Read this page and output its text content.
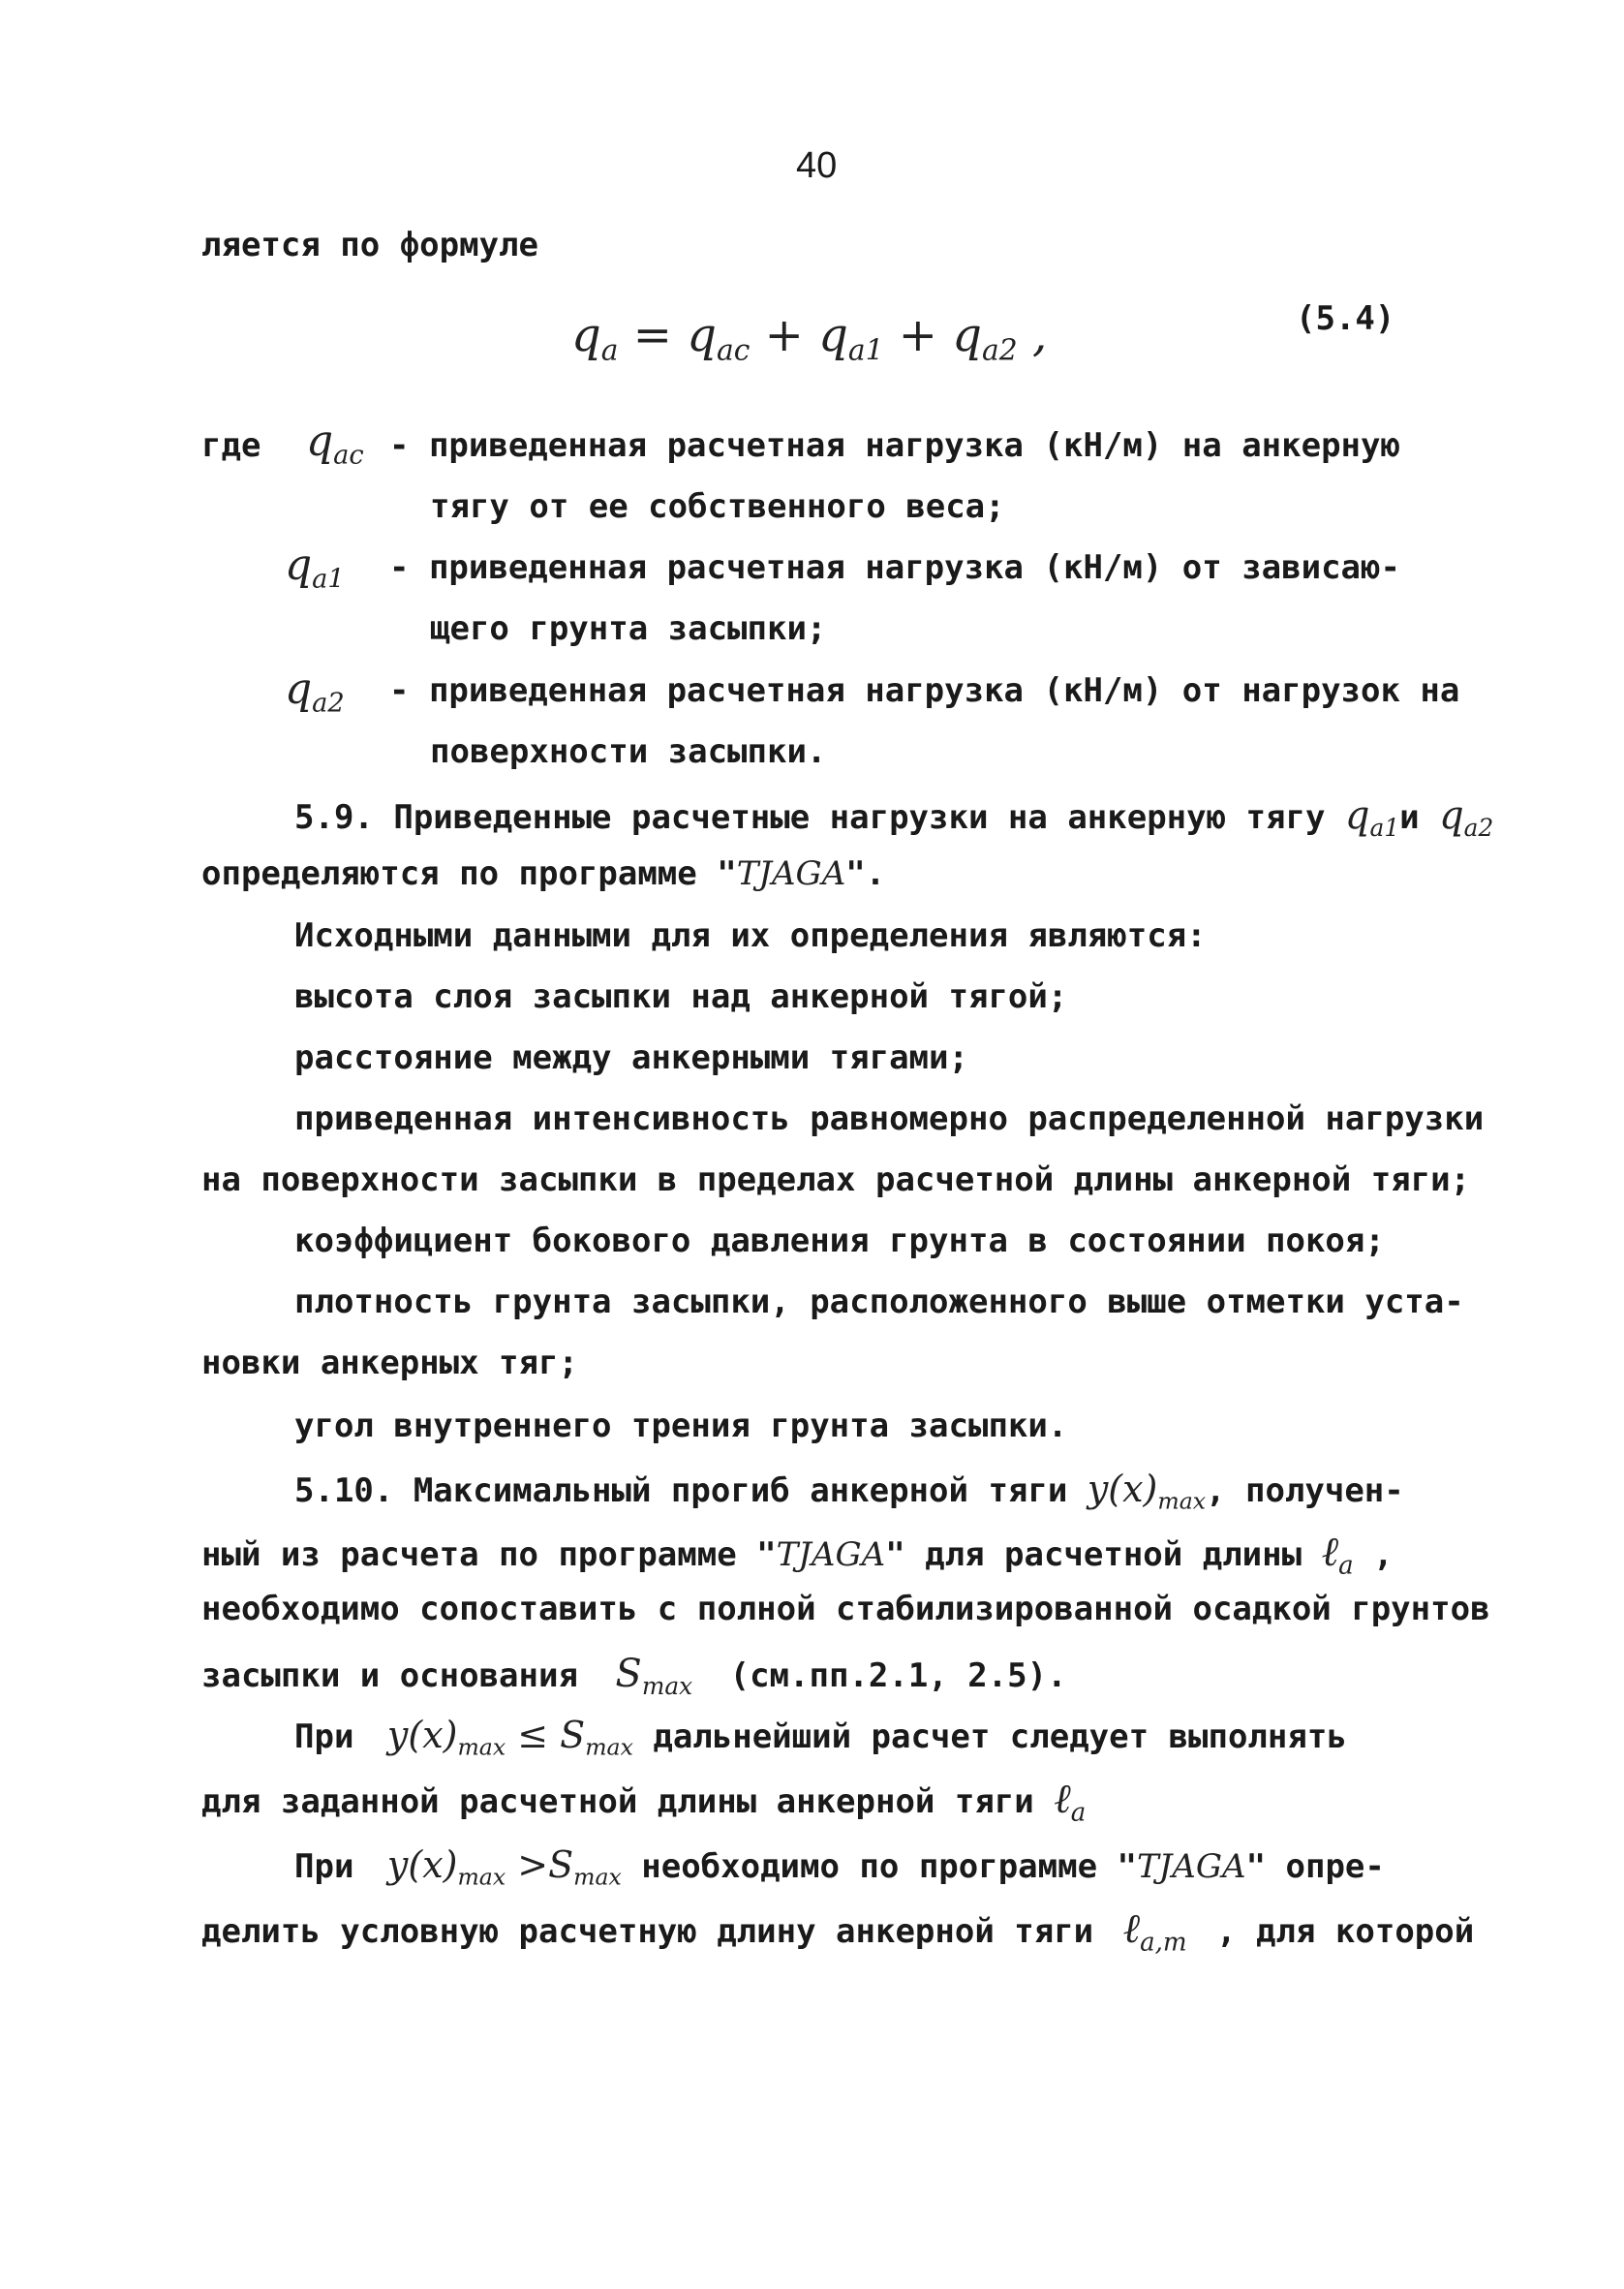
40
ляется по формуле
$q_a = q_{ac} + q_{a1} + q_{a2}$ ,	(5.4)
где $q_{ac}$ - приведенная расчетная нагрузка (кН/м) на анкерную
тягу от ее собственного веса;
$q_{a1}$ - приведенная расчетная нагрузка (кН/м) от зависаю-
щего грунта засыпки;
$q_{a2}$ - приведенная расчетная нагрузка (кН/м) от нагрузок на
поверхности засыпки.
5.9. Приведенные расчетные нагрузки на анкерную тягу $q_{a1}и$ $q_{a2}$
определяются по программе "TJAGA".
Исходными данными для их определения являются:
высота слоя засыпки над анкерной тягой;
расстояние между анкерными тягами;
приведенная интенсивность равномерно распределенной нагрузки
на поверхности засыпки в пределах расчетной длины анкерной тяги;
коэффициент бокового давления грунта в состоянии покоя;
плотность грунта засыпки, расположенного выше отметки уста-
новки анкерных тяг;
угол внутреннего трения грунта засыпки.
5.10. Максимальный прогиб анкерной тяги $y(x)_{max}$, получен-
ный из расчета по программе "TJAGA" для расчетной длины ℓ$_a$ ,
необходимо сопоставить с полной стабилизированной осадкой грунтов
засыпки и основания $S_{max}$ (см.пп.2.1, 2.5).
При $y(x)_{max} \le S_{max}$ дальнейший расчет следует выполнять
для заданной расчетной длины анкерной тяги ℓ$_a$
При $y(x)_{max} >S_{max}$ необходимо по программе "TJAGA" опре-
делить условную расчетную длину анкерной тяги ℓ$_{a,m}$ , для которой
